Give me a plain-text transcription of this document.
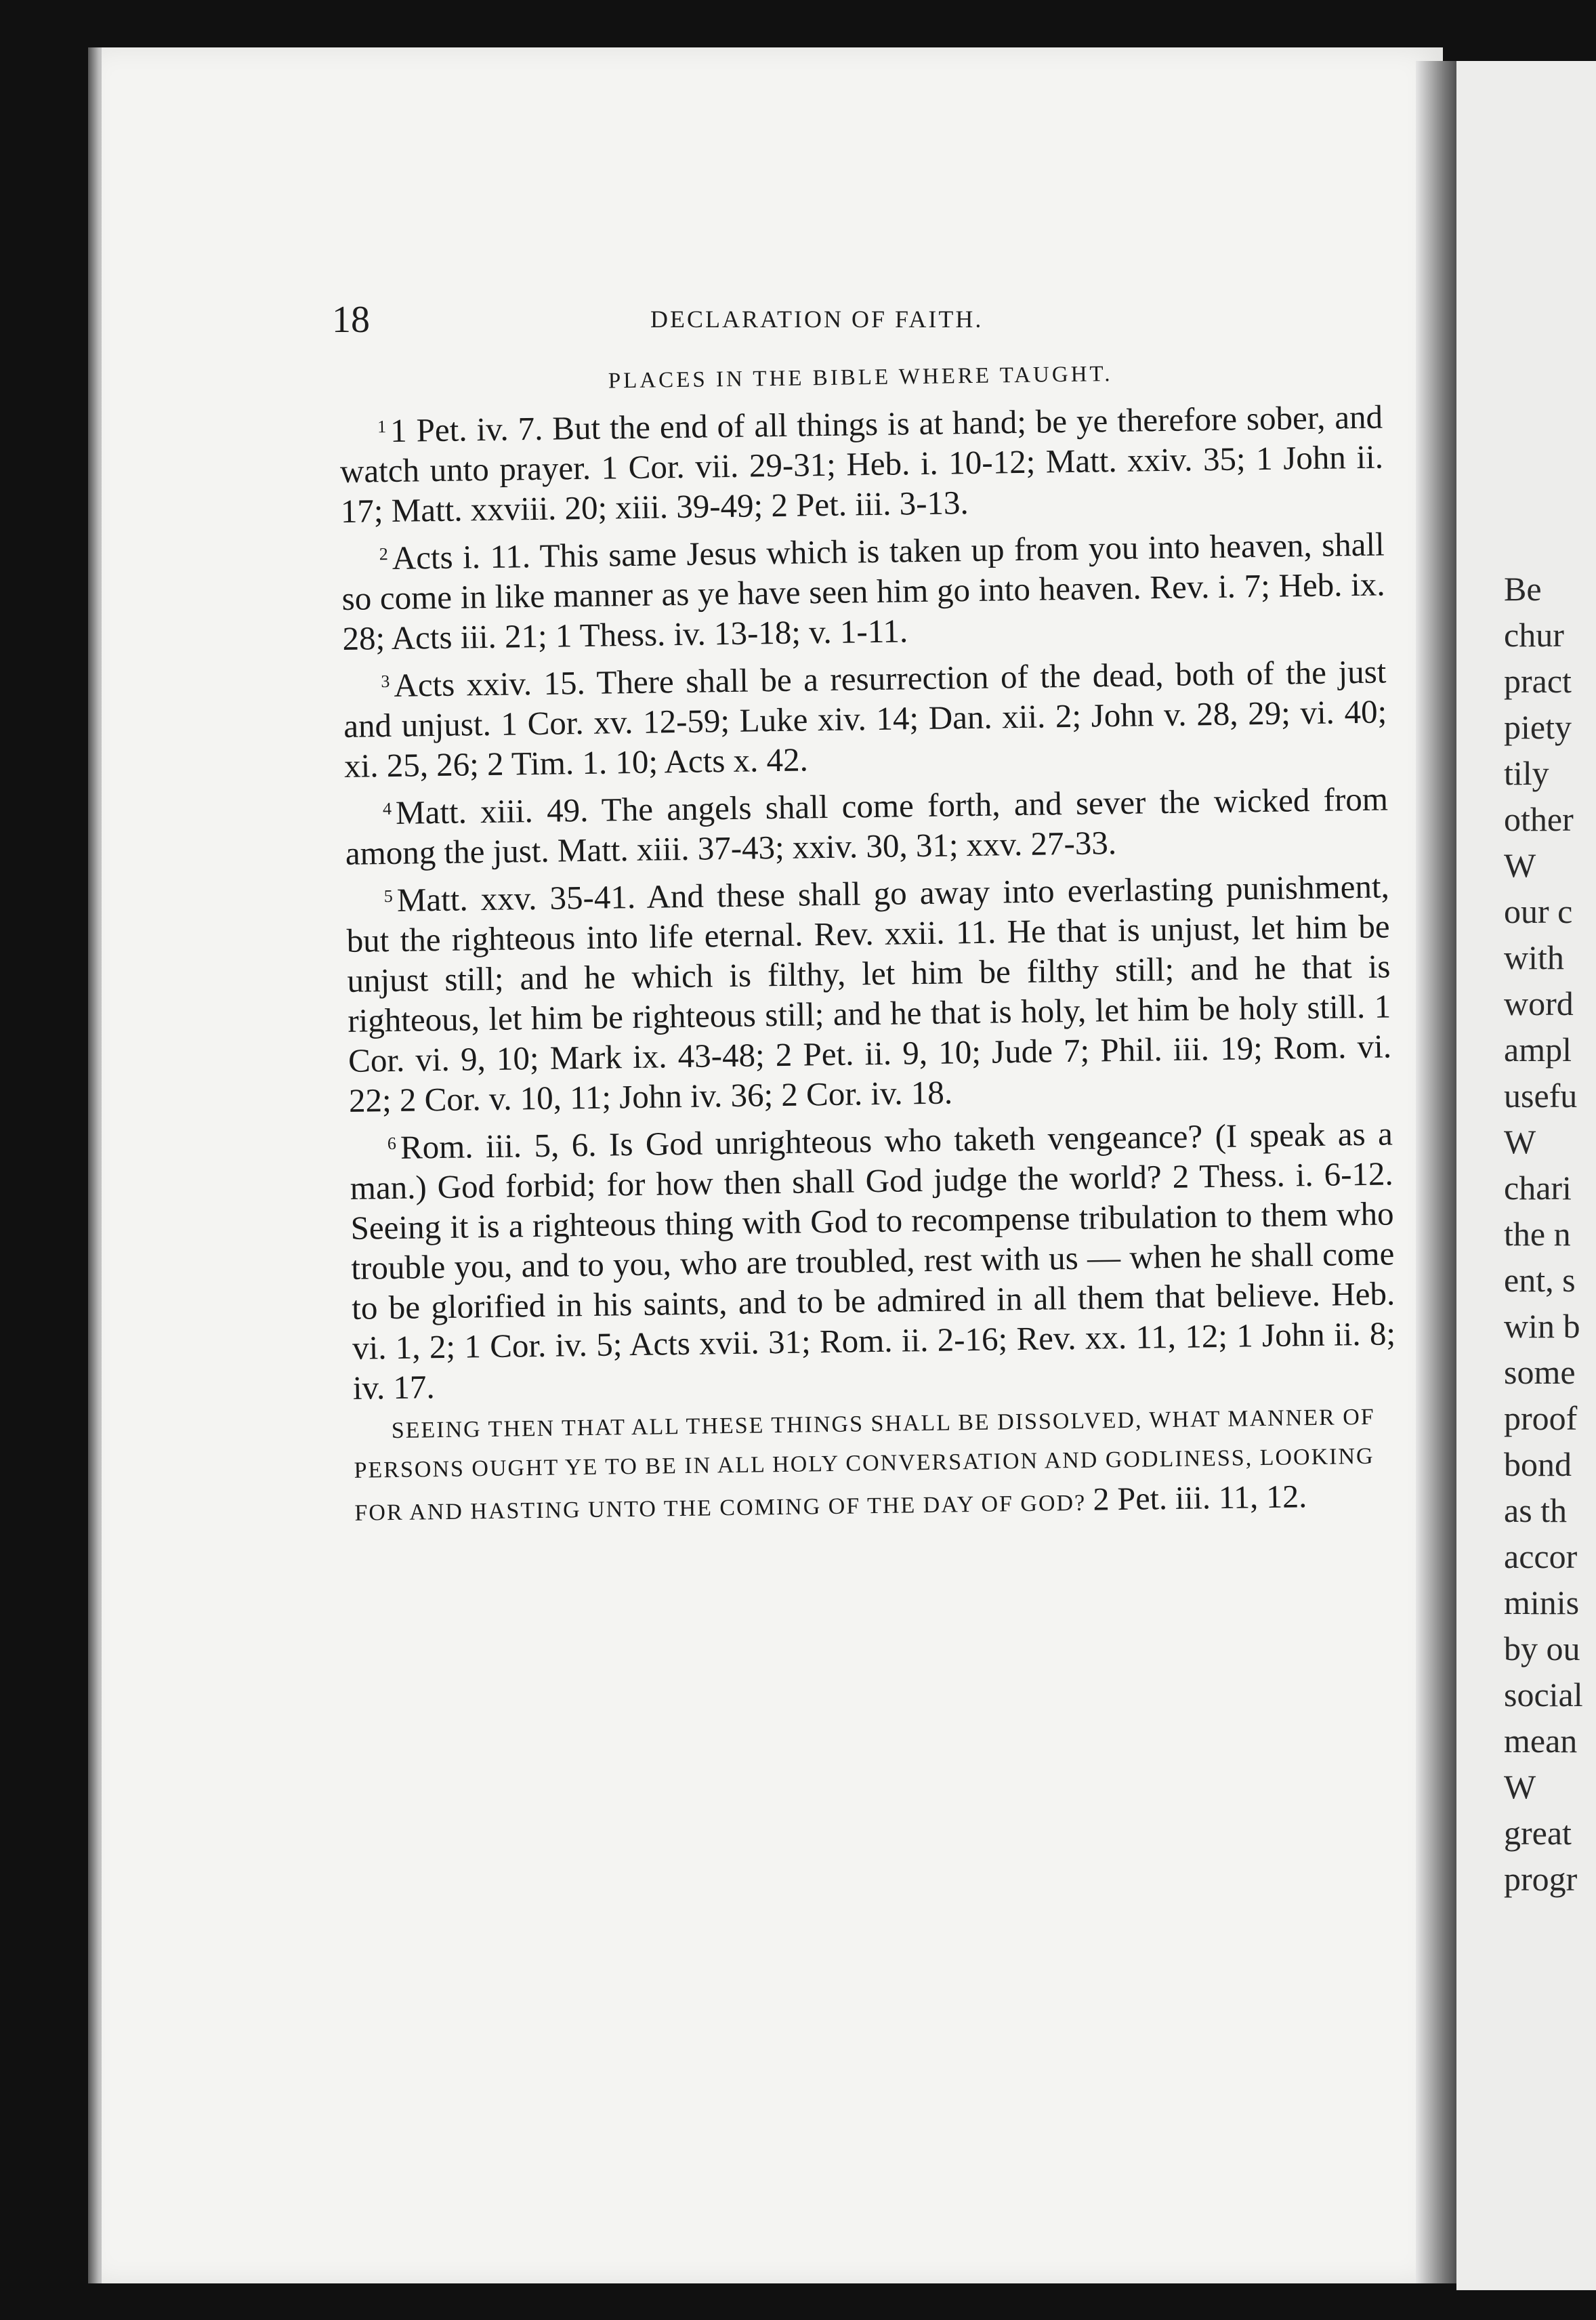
Be
chur
pract
piety
tily
other
W
our c
with
word
ampl
usefu
W
chari
the n
ent, s
win b
some
proof
bond
as th
accor
minis
by ou
social
mean
W
great
progr
18	DECLARATION OF FAITH.
PLACES IN THE BIBLE WHERE TAUGHT.

$^1$ 1 Pet. iv. 7. But the end of all things is at hand; be ye therefore sober, and watch unto prayer. 1 Cor. vii. 29-31; Heb. i. 10-12; Matt. xxiv. 35; 1 John ii. 17; Matt. xxviii. 20; xiii. 39-49; 2 Pet. iii. 3-13.

$^2$ Acts i. 11. This same Jesus which is taken up from you into heaven, shall so come in like manner as ye have seen him go into heaven. Rev. i. 7; Heb. ix. 28; Acts iii. 21; 1 Thess. iv. 13-18; v. 1-11.

$^3$ Acts xxiv. 15. There shall be a resurrection of the dead, both of the just and unjust. 1 Cor. xv. 12-59; Luke xiv. 14; Dan. xii. 2; John v. 28, 29; vi. 40; xi. 25, 26; 2 Tim. 1. 10; Acts x. 42.

$^4$ Matt. xiii. 49. The angels shall come forth, and sever the wicked from among the just. Matt. xiii. 37-43; xxiv. 30, 31; xxv. 27-33.

$^5$ Matt. xxv. 35-41. And these shall go away into everlasting punishment, but the righteous into life eternal. Rev. xxii. 11. He that is unjust, let him be unjust still; and he which is filthy, let him be filthy still; and he that is righteous, let him be righteous still; and he that is holy, let him be holy still. 1 Cor. vi. 9, 10; Mark ix. 43-48; 2 Pet. ii. 9, 10; Jude 7; Phil. iii. 19; Rom. vi. 22; 2 Cor. v. 10, 11; John iv. 36; 2 Cor. iv. 18.

$^6$ Rom. iii. 5, 6. Is God unrighteous who taketh vengeance? (I speak as a man.) God forbid; for how then shall God judge the world? 2 Thess. i. 6-12. Seeing it is a righteous thing with God to recompense tribulation to them who trouble you, and to you, who are troubled, rest with us — when he shall come to be glorified in his saints, and to be admired in all them that believe. Heb. vi. 1, 2; 1 Cor. iv. 5; Acts xvii. 31; Rom. ii. 2-16; Rev. xx. 11, 12; 1 John ii. 8; iv. 17.

SEEING THEN THAT ALL THESE THINGS SHALL BE DISSOLVED, WHAT MANNER OF PERSONS OUGHT YE TO BE IN ALL HOLY CONVERSATION AND GODLINESS, LOOKING FOR AND HASTING UNTO THE COMING OF THE DAY OF GOD? 2 Pet. iii. 11, 12.
